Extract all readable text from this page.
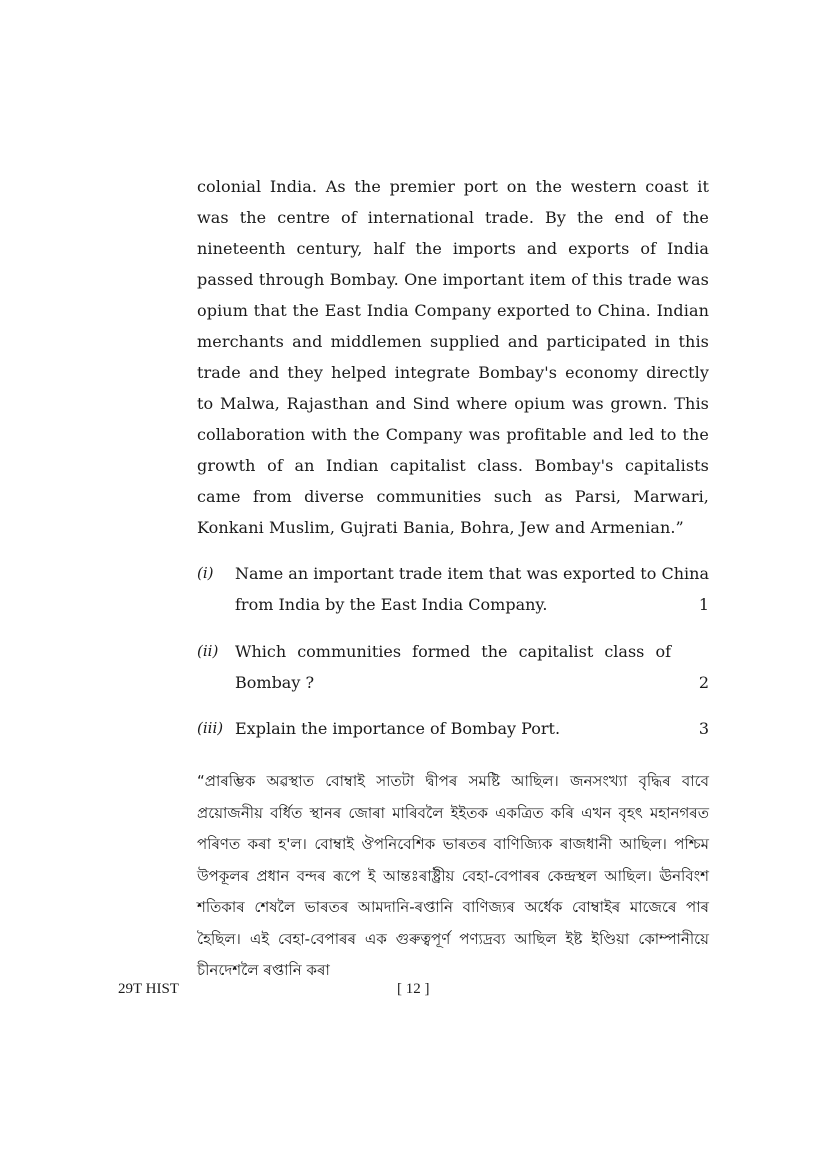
colonial India. As the premier port on the western coast it was the centre of international trade. By the end of the nineteenth century, half the imports and exports of India passed through Bombay. One important item of this trade was opium that the East India Company exported to China. Indian merchants and middlemen supplied and participated in this trade and they helped integrate Bombay's economy directly to Malwa, Rajasthan and Sind where opium was grown. This collaboration with the Company was profitable and led to the growth of an Indian capitalist class. Bombay's capitalists came from diverse communities such as Parsi, Marwari, Konkani Muslim, Gujrati Bania, Bohra, Jew and Armenian.”

(i) Name an important trade item that was exported to China from India by the East India Company.	1
(ii) Which communities formed the capitalist class of Bombay ?	2
(iii) Explain the importance of Bombay Port.	3

“প্ৰাৰম্ভিক অৱস্থাত বোম্বাই সাতটা দ্বীপৰ সমষ্টি আছিল। জনসংখ্যা বৃদ্ধিৰ বাবে প্ৰয়োজনীয় বৰ্ধিত স্থানৰ জোৰা মাৰিবলৈ ইইতক একত্ৰিত কৰি এখন বৃহৎ মহানগৰত পৰিণত কৰা হ'ল। বোম্বাই ঔপনিবেশিক ভাৰতৰ বাণিজ্যিক ৰাজধানী আছিল। পশ্চিম উপকূলৰ প্ৰধান বন্দৰ ৰূপে ই আন্তঃৰাষ্ট্ৰীয় বেহা-বেপাৰৰ কেন্দ্ৰস্থল আছিল। ঊনবিংশ শতিকাৰ শেষলৈ ভাৰতৰ আমদানি-ৰপ্তানি বাণিজ্যৰ অৰ্ধেক বোম্বাইৰ মাজেৰে পাৰ হৈছিল। এই বেহা-বেপাৰৰ এক গুৰুত্বপূৰ্ণ পণ্যদ্ৰব্য আছিল ইষ্ট ইণ্ডিয়া কোম্পানীয়ে চীনদেশলৈ ৰপ্তানি কৰা

29T HIST	[ 12 ]
